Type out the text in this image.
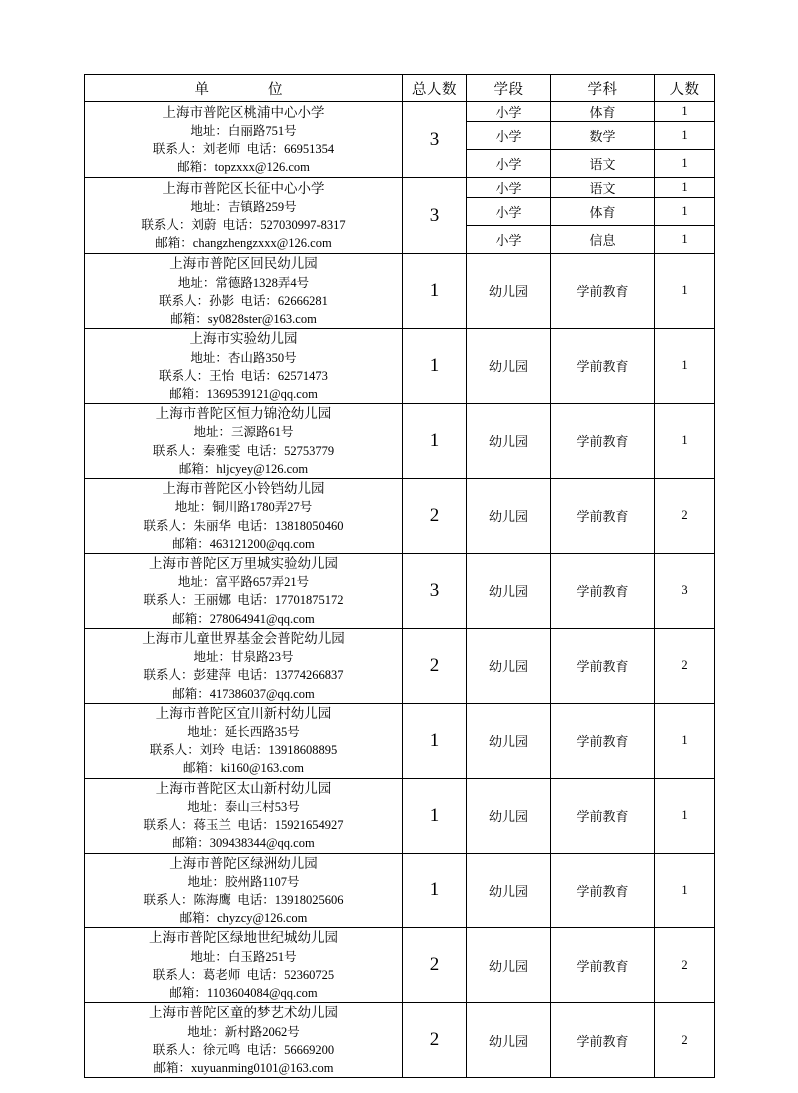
单　　位	总人数	学段	学科	人数

上海市普陀区桃浦中心小学
地址：白丽路751号
联系人：刘老师 电话：66951354
邮箱：topzxxx@126.com	3	小学	体育	1
		小学	数学	1
		小学	语文	1

上海市普陀区长征中心小学
地址：吉镇路259号
联系人：刘蔚 电话：527030997-8317
邮箱：changzhengzxxx@126.com	3	小学	语文	1
		小学	体育	1
		小学	信息	1

上海市普陀区回民幼儿园
地址：常德路1328弄4号
联系人：孙影 电话：62666281
邮箱：sy0828ster@163.com	1	幼儿园	学前教育	1

上海市实验幼儿园
地址：杏山路350号
联系人：王怡 电话：62571473
邮箱：1369539121@qq.com	1	幼儿园	学前教育	1

上海市普陀区恒力锦沧幼儿园
地址：三源路61号
联系人：秦雅雯 电话：52753779
邮箱：hljcyey@126.com	1	幼儿园	学前教育	1

上海市普陀区小铃铛幼儿园
地址：铜川路1780弄27号
联系人：朱丽华 电话：13818050460
邮箱：463121200@qq.com	2	幼儿园	学前教育	2

上海市普陀区万里城实验幼儿园
地址：富平路657弄21号
联系人：王丽娜 电话：17701875172
邮箱：278064941@qq.com	3	幼儿园	学前教育	3

上海市儿童世界基金会普陀幼儿园
地址：甘泉路23号
联系人：彭建萍 电话：13774266837
邮箱：417386037@qq.com	2	幼儿园	学前教育	2

上海市普陀区宜川新村幼儿园
地址：延长西路35号
联系人：刘玲 电话：13918608895
邮箱：ki160@163.com	1	幼儿园	学前教育	1

上海市普陀区太山新村幼儿园
地址：泰山三村53号
联系人：蒋玉兰 电话：15921654927
邮箱：309438344@qq.com	1	幼儿园	学前教育	1

上海市普陀区绿洲幼儿园
地址：胶州路1107号
联系人：陈海鹰 电话：13918025606
邮箱：chyzcy@126.com	1	幼儿园	学前教育	1

上海市普陀区绿地世纪城幼儿园
地址：白玉路251号
联系人：葛老师 电话：52360725
邮箱：1103604084@qq.com	2	幼儿园	学前教育	2

上海市普陀区童的梦艺术幼儿园
地址：新村路2062号
联系人：徐元鸣 电话：56669200
邮箱：xuyuanming0101@163.com	2	幼儿园	学前教育	2
